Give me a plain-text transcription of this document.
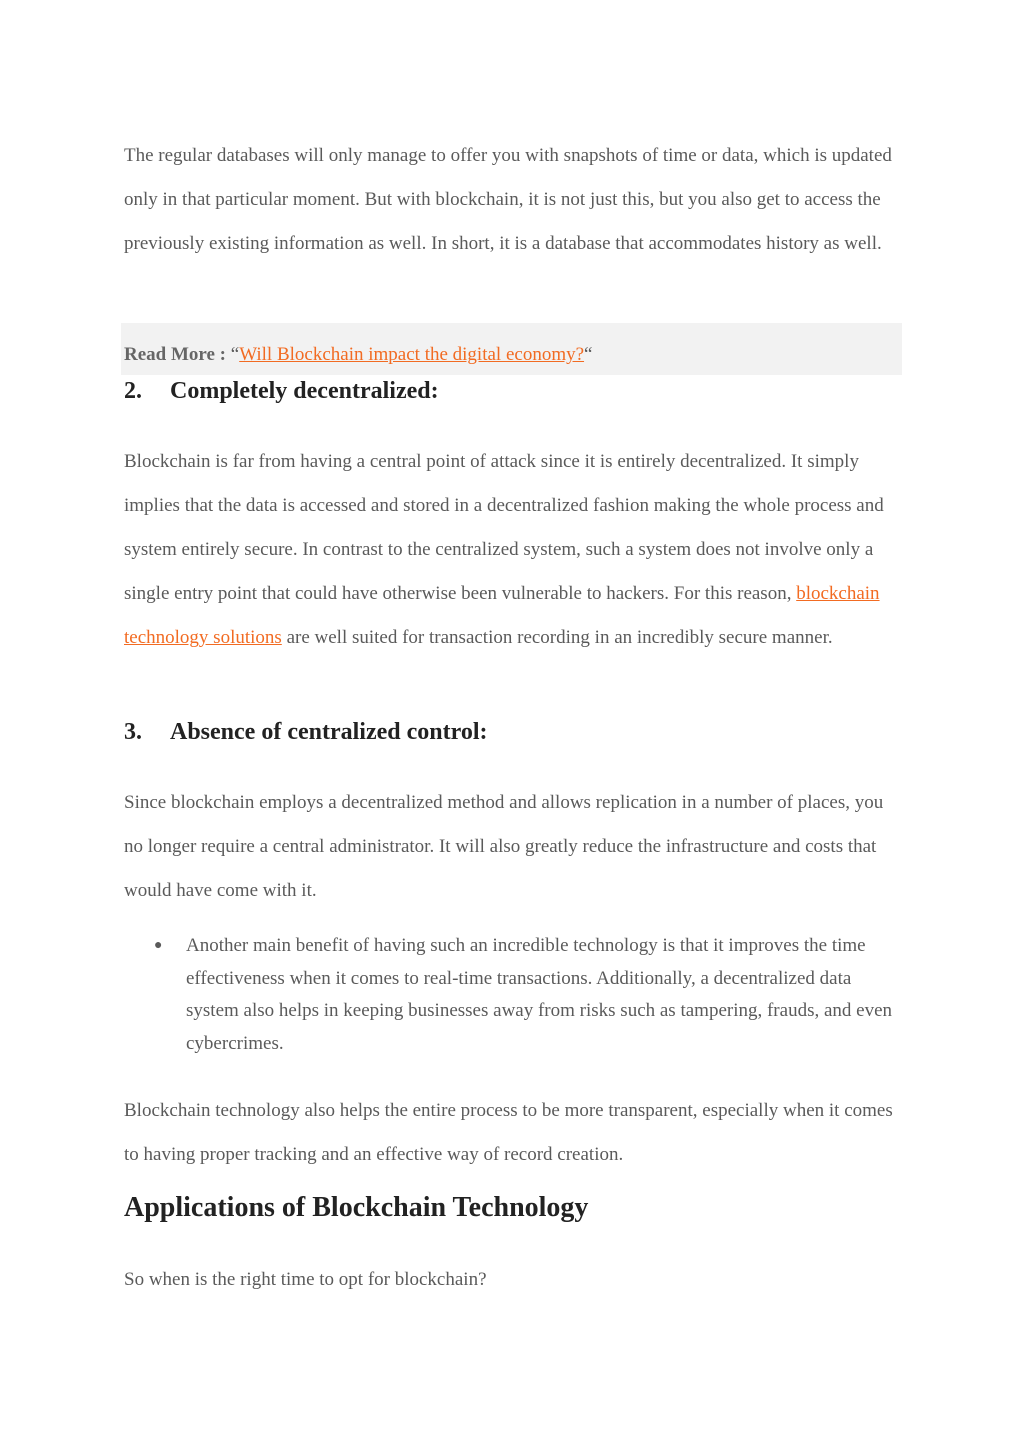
The regular databases will only manage to offer you with snapshots of time or data, which is updated only in that particular moment. But with blockchain, it is not just this, but you also get to access the previously existing information as well. In short, it is a database that accommodates history as well.

Read More : “Will Blockchain impact the digital economy?“
2. Completely decentralized:

Blockchain is far from having a central point of attack since it is entirely decentralized. It simply implies that the data is accessed and stored in a decentralized fashion making the whole process and system entirely secure. In contrast to the centralized system, such a system does not involve only a single entry point that could have otherwise been vulnerable to hackers. For this reason, blockchain technology solutions are well suited for transaction recording in an incredibly secure manner.

3. Absence of centralized control:

Since blockchain employs a decentralized method and allows replication in a number of places, you no longer require a central administrator. It will also greatly reduce the infrastructure and costs that would have come with it.

● Another main benefit of having such an incredible technology is that it improves the time effectiveness when it comes to real-time transactions. Additionally, a decentralized data system also helps in keeping businesses away from risks such as tampering, frauds, and even cybercrimes.

Blockchain technology also helps the entire process to be more transparent, especially when it comes to having proper tracking and an effective way of record creation.

Applications of Blockchain Technology

So when is the right time to opt for blockchain?
